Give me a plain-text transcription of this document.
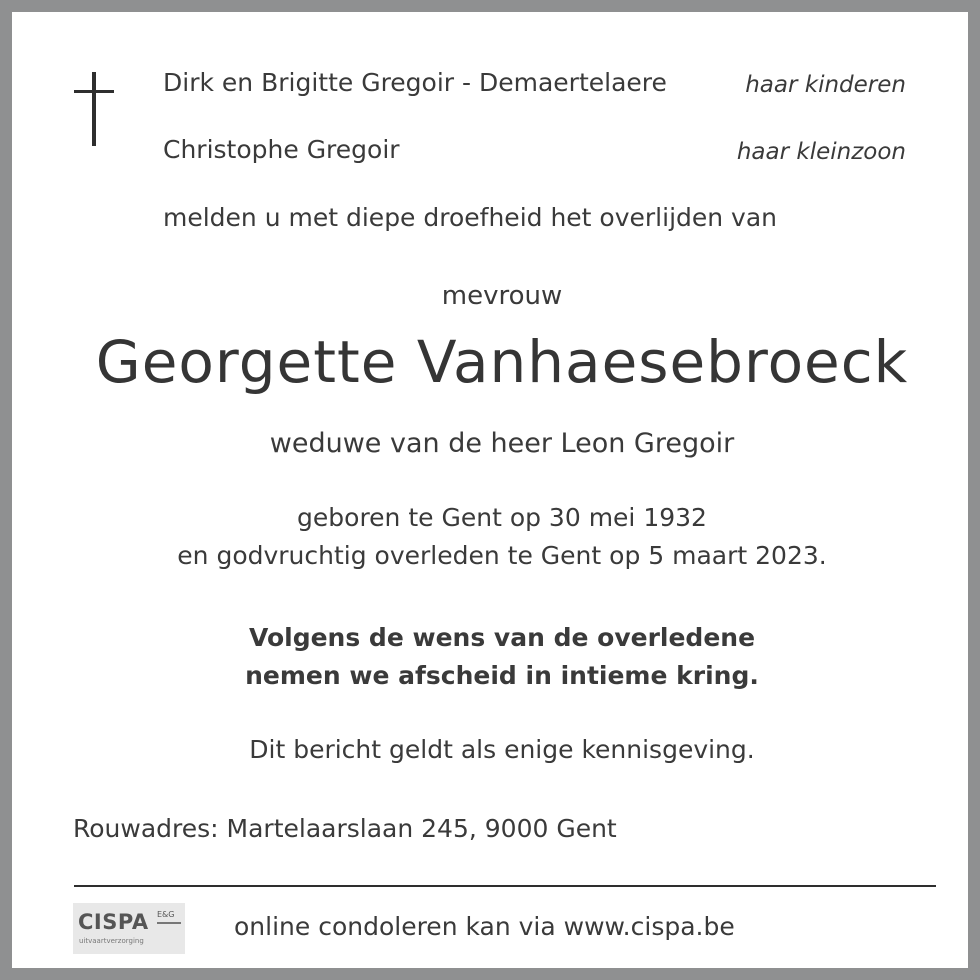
Dirk en Brigitte Gregoir - Demaertelaere	haar kinderen
Christophe Gregoir	haar kleinzoon
melden u met diepe droefheid het overlijden van
mevrouw
Georgette Vanhaesebroeck
weduwe van de heer Leon Gregoir
geboren te Gent op 30 mei 1932
en godvruchtig overleden te Gent op 5 maart 2023.
Volgens de wens van de overledene
nemen we afscheid in intieme kring.
Dit bericht geldt als enige kennisgeving.
Rouwadres: Martelaarslaan 245, 9000 Gent
CISPA E&G
uitvaartverzorging	online condoleren kan via www.cispa.be
